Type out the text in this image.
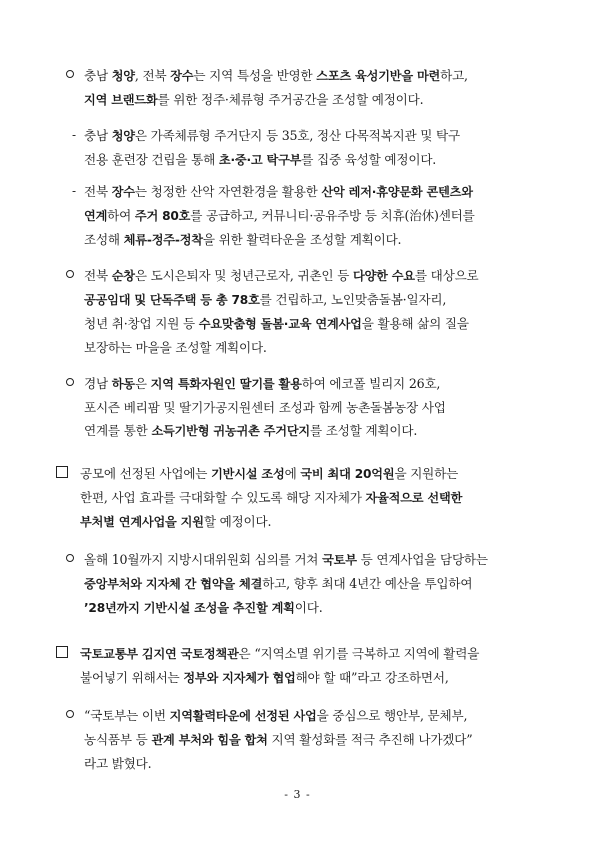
충남 청양, 전북 장수는 지역 특성을 반영한 스포츠 육성기반을 마련하고,
지역 브랜드화를 위한 정주·체류형 주거공간을 조성할 예정이다.
- 충남 청양은 가족체류형 주거단지 등 35호, 정산 다목적복지관 및 탁구
전용 훈련장 건립을 통해 초·중·고 탁구부를 집중 육성할 예정이다.
- 전북 장수는 청정한 산악 자연환경을 활용한 산악 레저·휴양문화 콘텐츠와
연계하여 주거 80호를 공급하고, 커뮤니티·공유주방 등 치휴(治休)센터를
조성해 체류-정주-정착을 위한 활력타운을 조성할 계획이다.
전북 순창은 도시은퇴자 및 청년근로자, 귀촌인 등 다양한 수요를 대상으로
공공임대 및 단독주택 등 총 78호를 건립하고, 노인맞춤돌봄·일자리,
청년 취·창업 지원 등 수요맞춤형 돌봄·교육 연계사업을 활용해 삶의 질을
보장하는 마을을 조성할 계획이다.
경남 하동은 지역 특화자원인 딸기를 활용하여 에코폴 빌리지 26호,
포시즌 베리팜 및 딸기가공지원센터 조성과 함께 농촌돌봄농장 사업
연계를 통한 소득기반형 귀농귀촌 주거단지를 조성할 계획이다.
공모에 선정된 사업에는 기반시설 조성에 국비 최대 20억원을 지원하는
한편, 사업 효과를 극대화할 수 있도록 해당 지자체가 자율적으로 선택한
부처별 연계사업을 지원할 예정이다.
올해 10월까지 지방시대위원회 심의를 거쳐 국토부 등 연계사업을 담당하는
중앙부처와 지자체 간 협약을 체결하고, 향후 최대 4년간 예산을 투입하여
’28년까지 기반시설 조성을 추진할 계획이다.
국토교통부 김지연 국토정책관은 “지역소멸 위기를 극복하고 지역에 활력을
불어넣기 위해서는 정부와 지자체가 협업해야 할 때”라고 강조하면서,
“국토부는 이번 지역활력타운에 선정된 사업을 중심으로 행안부, 문체부,
농식품부 등 관계 부처와 힘을 합쳐 지역 활성화를 적극 추진해 나가겠다”
라고 밝혔다.
- 3 -
